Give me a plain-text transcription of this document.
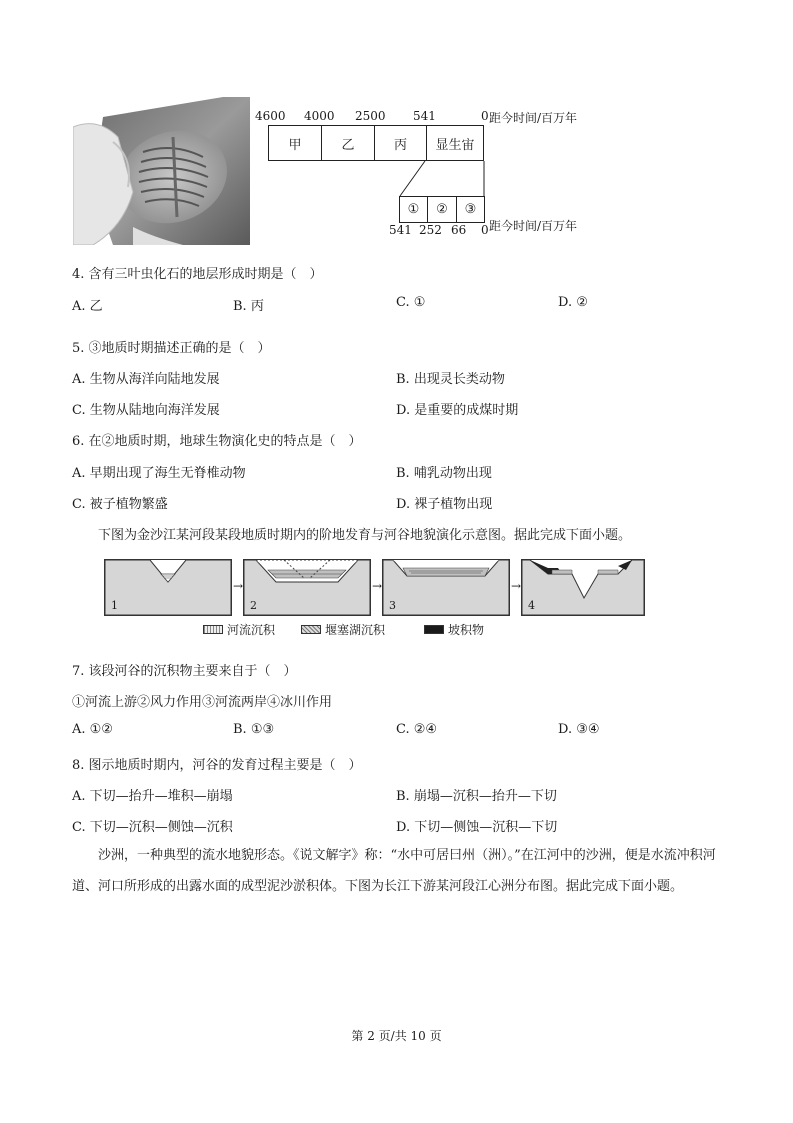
4600 4000 2500 541	0 距今时间/百万年
甲	乙	丙	显生宙
①	②	③
541 252 66 0 距今时间/百万年
4. 含有三叶虫化石的地层形成时期是（　）
A. 乙	B. 丙	C. ①	D. ②
5. ③地质时期描述正确的是（　）
A. 生物从海洋向陆地发展	B. 出现灵长类动物
C. 生物从陆地向海洋发展	D. 是重要的成煤时期
6. 在②地质时期，地球生物演化史的特点是（　）
A. 早期出现了海生无脊椎动物	B. 哺乳动物出现
C. 被子植物繁盛	D. 裸子植物出现
下图为金沙江某河段某段地质时期内的阶地发育与河谷地貌演化示意图。据此完成下面小题。
1
→
2
→
3
→
4
河流沉积	堰塞湖沉积	坡积物
7. 该段河谷的沉积物主要来自于（　）
①河流上游②风力作用③河流两岸④冰川作用
A. ①②	B. ①③	C. ②④	D. ③④
8. 图示地质时期内，河谷的发育过程主要是（　）
A. 下切—抬升—堆积—崩塌	B. 崩塌—沉积—抬升—下切
C. 下切—沉积—侧蚀—沉积	D. 下切—侧蚀—沉积—下切
沙洲，一种典型的流水地貌形态。《说文解字》称：“水中可居曰州（洲）。”在江河中的沙洲，便是水流冲积河道、河口所形成的出露水面的成型泥沙淤积体。下图为长江下游某河段江心洲分布图。据此完成下面小题。
第 2 页/共 10 页
